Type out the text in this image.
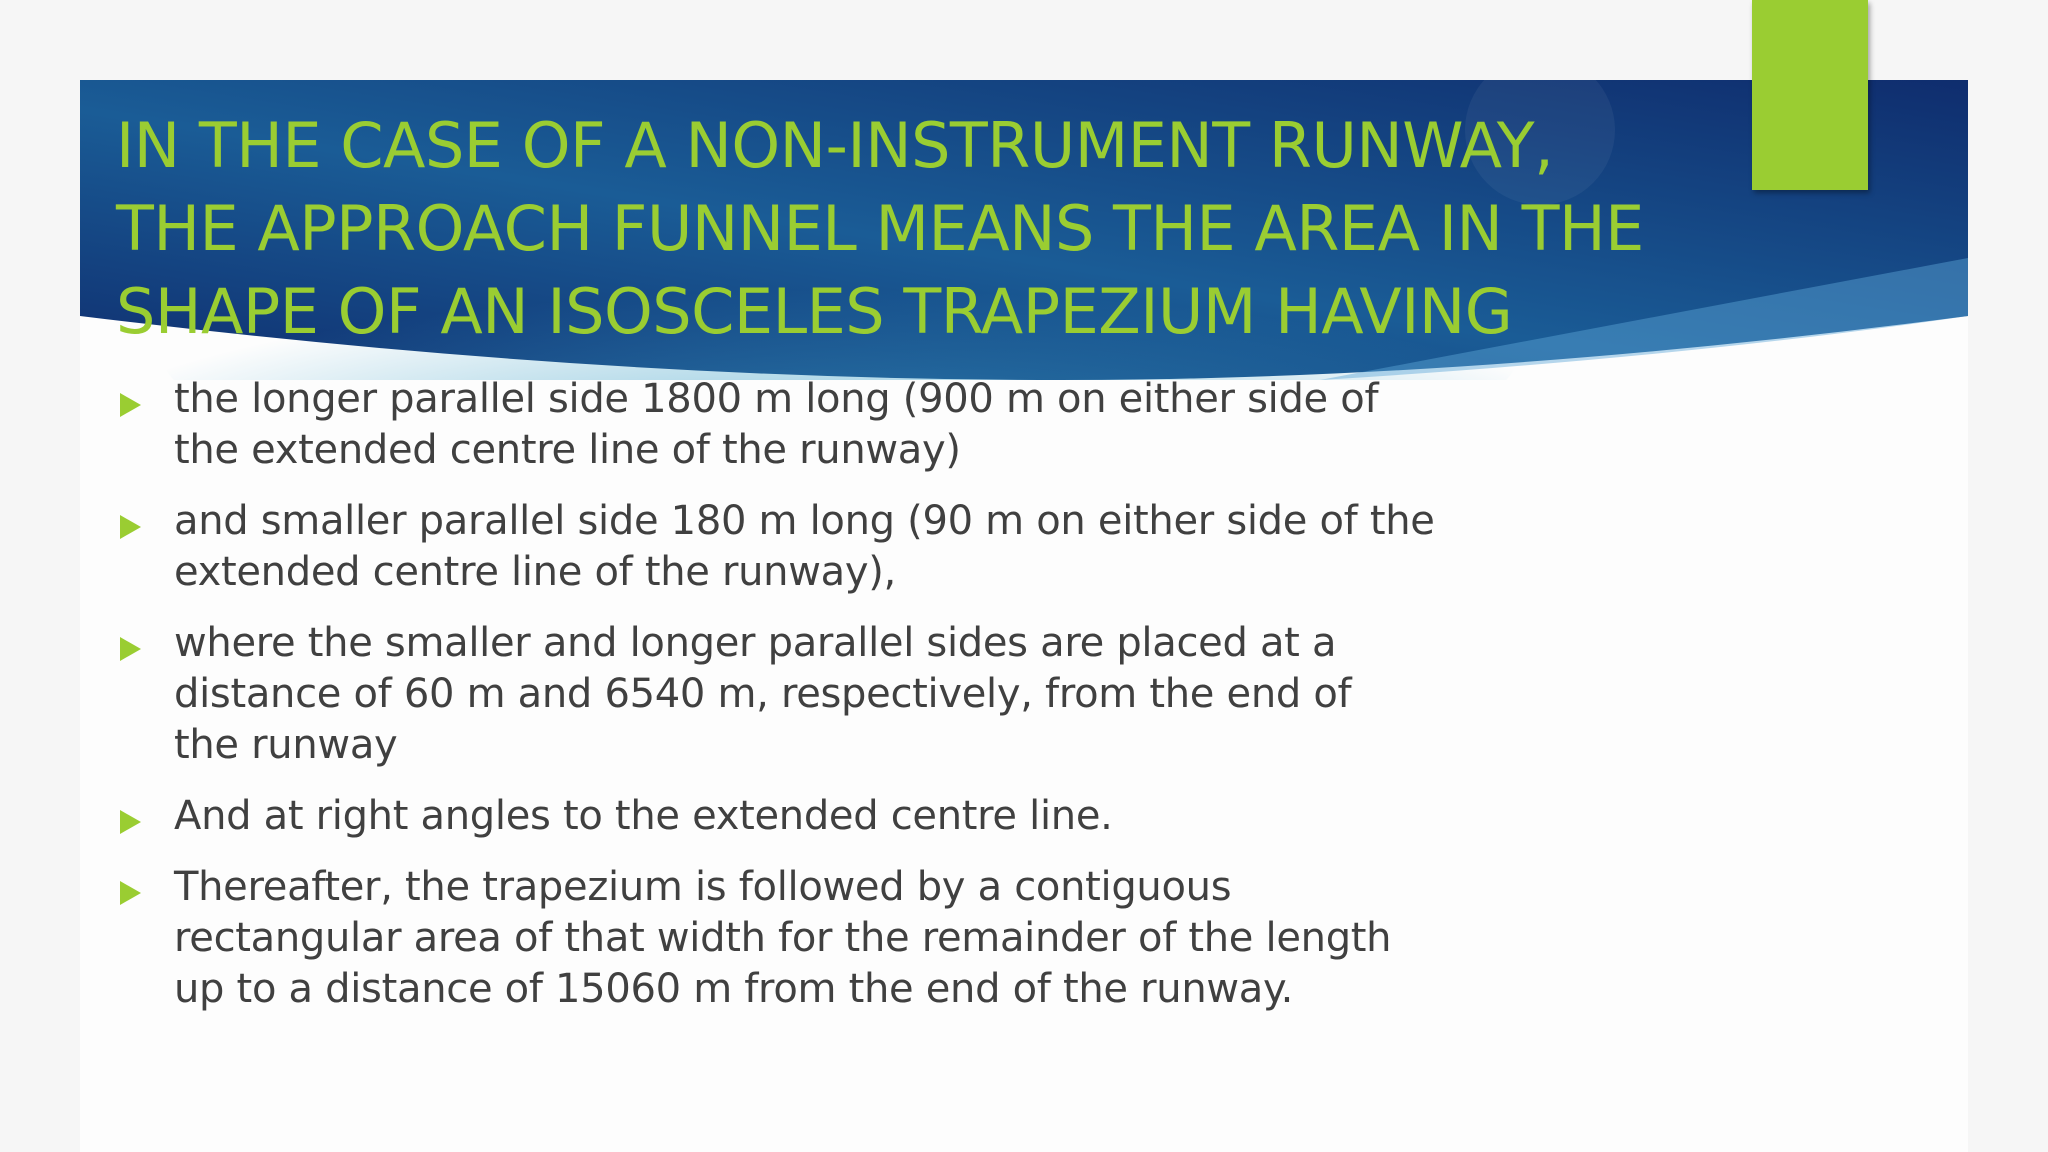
IN THE CASE OF A NON-INSTRUMENT RUNWAY,
THE APPROACH FUNNEL MEANS THE AREA IN THE
SHAPE OF AN ISOSCELES TRAPEZIUM HAVING
the longer parallel side 1800 m long (900 m on either side of
the extended centre line of the runway)
and smaller parallel side 180 m long (90 m on either side of the
extended centre line of the runway),
where the smaller and longer parallel sides are placed at a
distance of 60 m and 6540 m, respectively, from the end of
the runway
And at right angles to the extended centre line.
Thereafter, the trapezium is followed by a contiguous
rectangular area of that width for the remainder of the length
up to a distance of 15060 m from the end of the runway.
